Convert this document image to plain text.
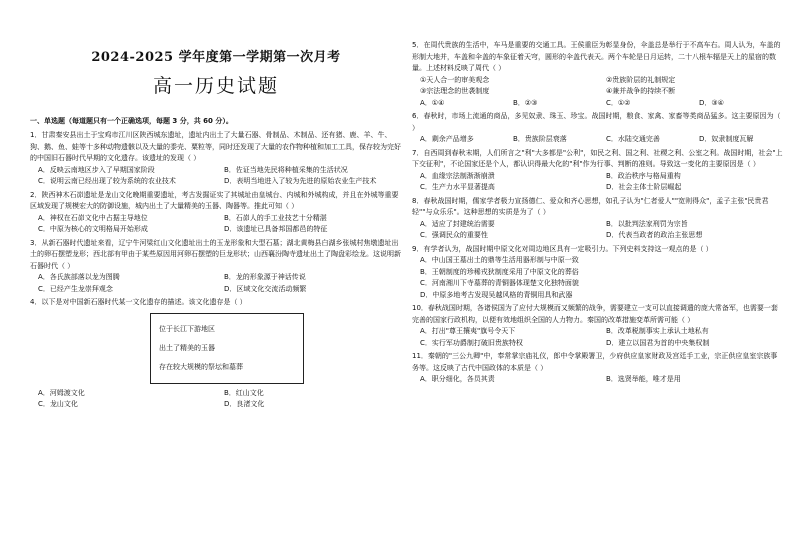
2024-2025 学年度第一学期第一次月考
高一历史试题
一、单选题（每道题只有一个正确选项，每题 3 分，共 60 分）。
1．甘肃秦安县出土于宝鸡市江川区陕西城东遗址，遗址内出土了大量石器、骨制品、木制品、还有猪、鹿、羊、牛、狗、鹅、鱼、蛙等十多种动物遗骸以及大量的黍壳、粟粒等，同时还发现了大量的农作物种植和加工工具，保存较为完好的中国旧石器时代早期的文化遗存。该遗址的发现（ ）
A．反映云南地区步入了早期国家阶段	B．佐证当地先民将种植采集的生活状况
C．说明云南已经出现了较为系统的农业技术	D．表明当地进入了较为先进的原始农业生产技术
2．陕西神木石峁遗址是龙山文化晚期重要遗址，考古发掘证实了其城址由皇城台、内城和外城构成，并且在外城等重要区域发现了规模宏大的防御设施，城内出土了大量精美的玉器、陶器等。推此可知（ ）
A．神权在石峁文化中占据主导地位	B．石峁人的手工业技艺十分精湛
C．中原为核心的文明格局开始形成	D．该遗址已具备邦国都邑的特征
3．从新石器时代遗址来看，辽宁牛河梁红山文化遗址出土的玉龙形象和大型石墓；湖北黄梅县白湖乡张城村焦墩遗址出土的卵石摆塑龙形；西北部有甲由于某些原因用河卵石摆塑的巨龙形状；山西襄汾陶寺遗址出土了陶盘彩绘龙。这说明新石器时代（ ）
A．各氏族部落以龙为图腾	B．龙的形象源于神话传说
C．已经产生龙崇拜观念	D．区域文化交流活动频繁
4．以下是对中国新石器时代某一文化遗存的描述。该文化遗存是（ ）
位于长江下游地区
出土了精美的玉器
存在较大规模的祭坛和墓葬
A．河姆渡文化	B．红山文化
C．龙山文化	D．良渚文化
5．在周代贵族的生活中，车马是重要的交通工具。王侯重臣为彰显身份，伞盖总是举行于不高车右。周人认为，车盖的形制大地并，车盖和伞盖的车象征着天穹，圆形的伞盖代表天。两个车轮是日月运转，二十八根车辐是天上的星宿的数量。上述材料反映了周代（ ）
①天人合一的审美观念	②贵族阶层的礼制规定
③宗法理念的世袭制度	④兼并战争的持续不断
A．①④	B．②③	C．①②	D．③④
6．春秋时，市场上流通的商品，多见奴隶、珠玉、珍宝。战国时期，粮食、家禽、家畜等类商品猛多。这主要原因为（ ）
A．剩余产品增多	B．贵族阶层衰落	C．水陆交通完善	D．奴隶制度瓦解
7．自西周到春秋末期，人们所言之"利"大多都是"公利"，如民之利、国之利、社稷之利、公室之利。战国时期，社会"上下交征利"，不论国家还是个人，都认识得最大化的"利"作为行事、判断的准则。导致这一变化的主要原因是（ ）
A．血缘宗法制渐渐崩溃	B．政治秩序与格局重构
C．生产力水平显著提高	D．社会主体士阶层崛起
8．春秋战国时期，儒家学者极力宣扬德仁、爱众和齐心思想，如孔子认为"仁者爱人""宽则得众"，孟子主张"民贵君轻""与众乐乐"。这种思想的实质是为了（ ）
A．适应了封建统治需要	B．以批判法家刑罚为宗旨
C．强调民众的重要性	D．代表当政者的政治主张思想
9．有学者认为，战国时期中原文化对周边地区具有一定吸引力。下列史料支持这一观点的是（ ）
A．中山国王墓出土的鼎等生活用器形制与中原一致
B．王朝制度的珍稀戎狄制度采用了中原文化的葬俗
C．河南湘川下寺墓葬的青铜器体现楚文化独特面貌
D．中原多地考古发现吴越风格的青铜用具和武器
10．春秋战国时期，各诸侯国为了应付大规模而又频繁的战争，需要建立一支可以直接调遣的庞大常备军，也需要一套完善的国家行政机构，以便有效地组织全国的人力物力。秦国的改革措施变革所需可能（ ）
A．打出"尊王攘夷"旗号令天下	B．改革税制事实上承认土地私有
C．实行军功爵制打破旧贵族特权	D．建立以国君为首的中央集权制
11．秦朝的"三公九卿"中，奉常掌宗庙礼仪，郎中令掌殿署卫，少府供应皇家财政及宫廷手工业，宗正供应皇室宗族事务等。这反映了古代中国政体的本质是（ ）
A．职分细化，各员其责	B．选贤举能，唯才是用
